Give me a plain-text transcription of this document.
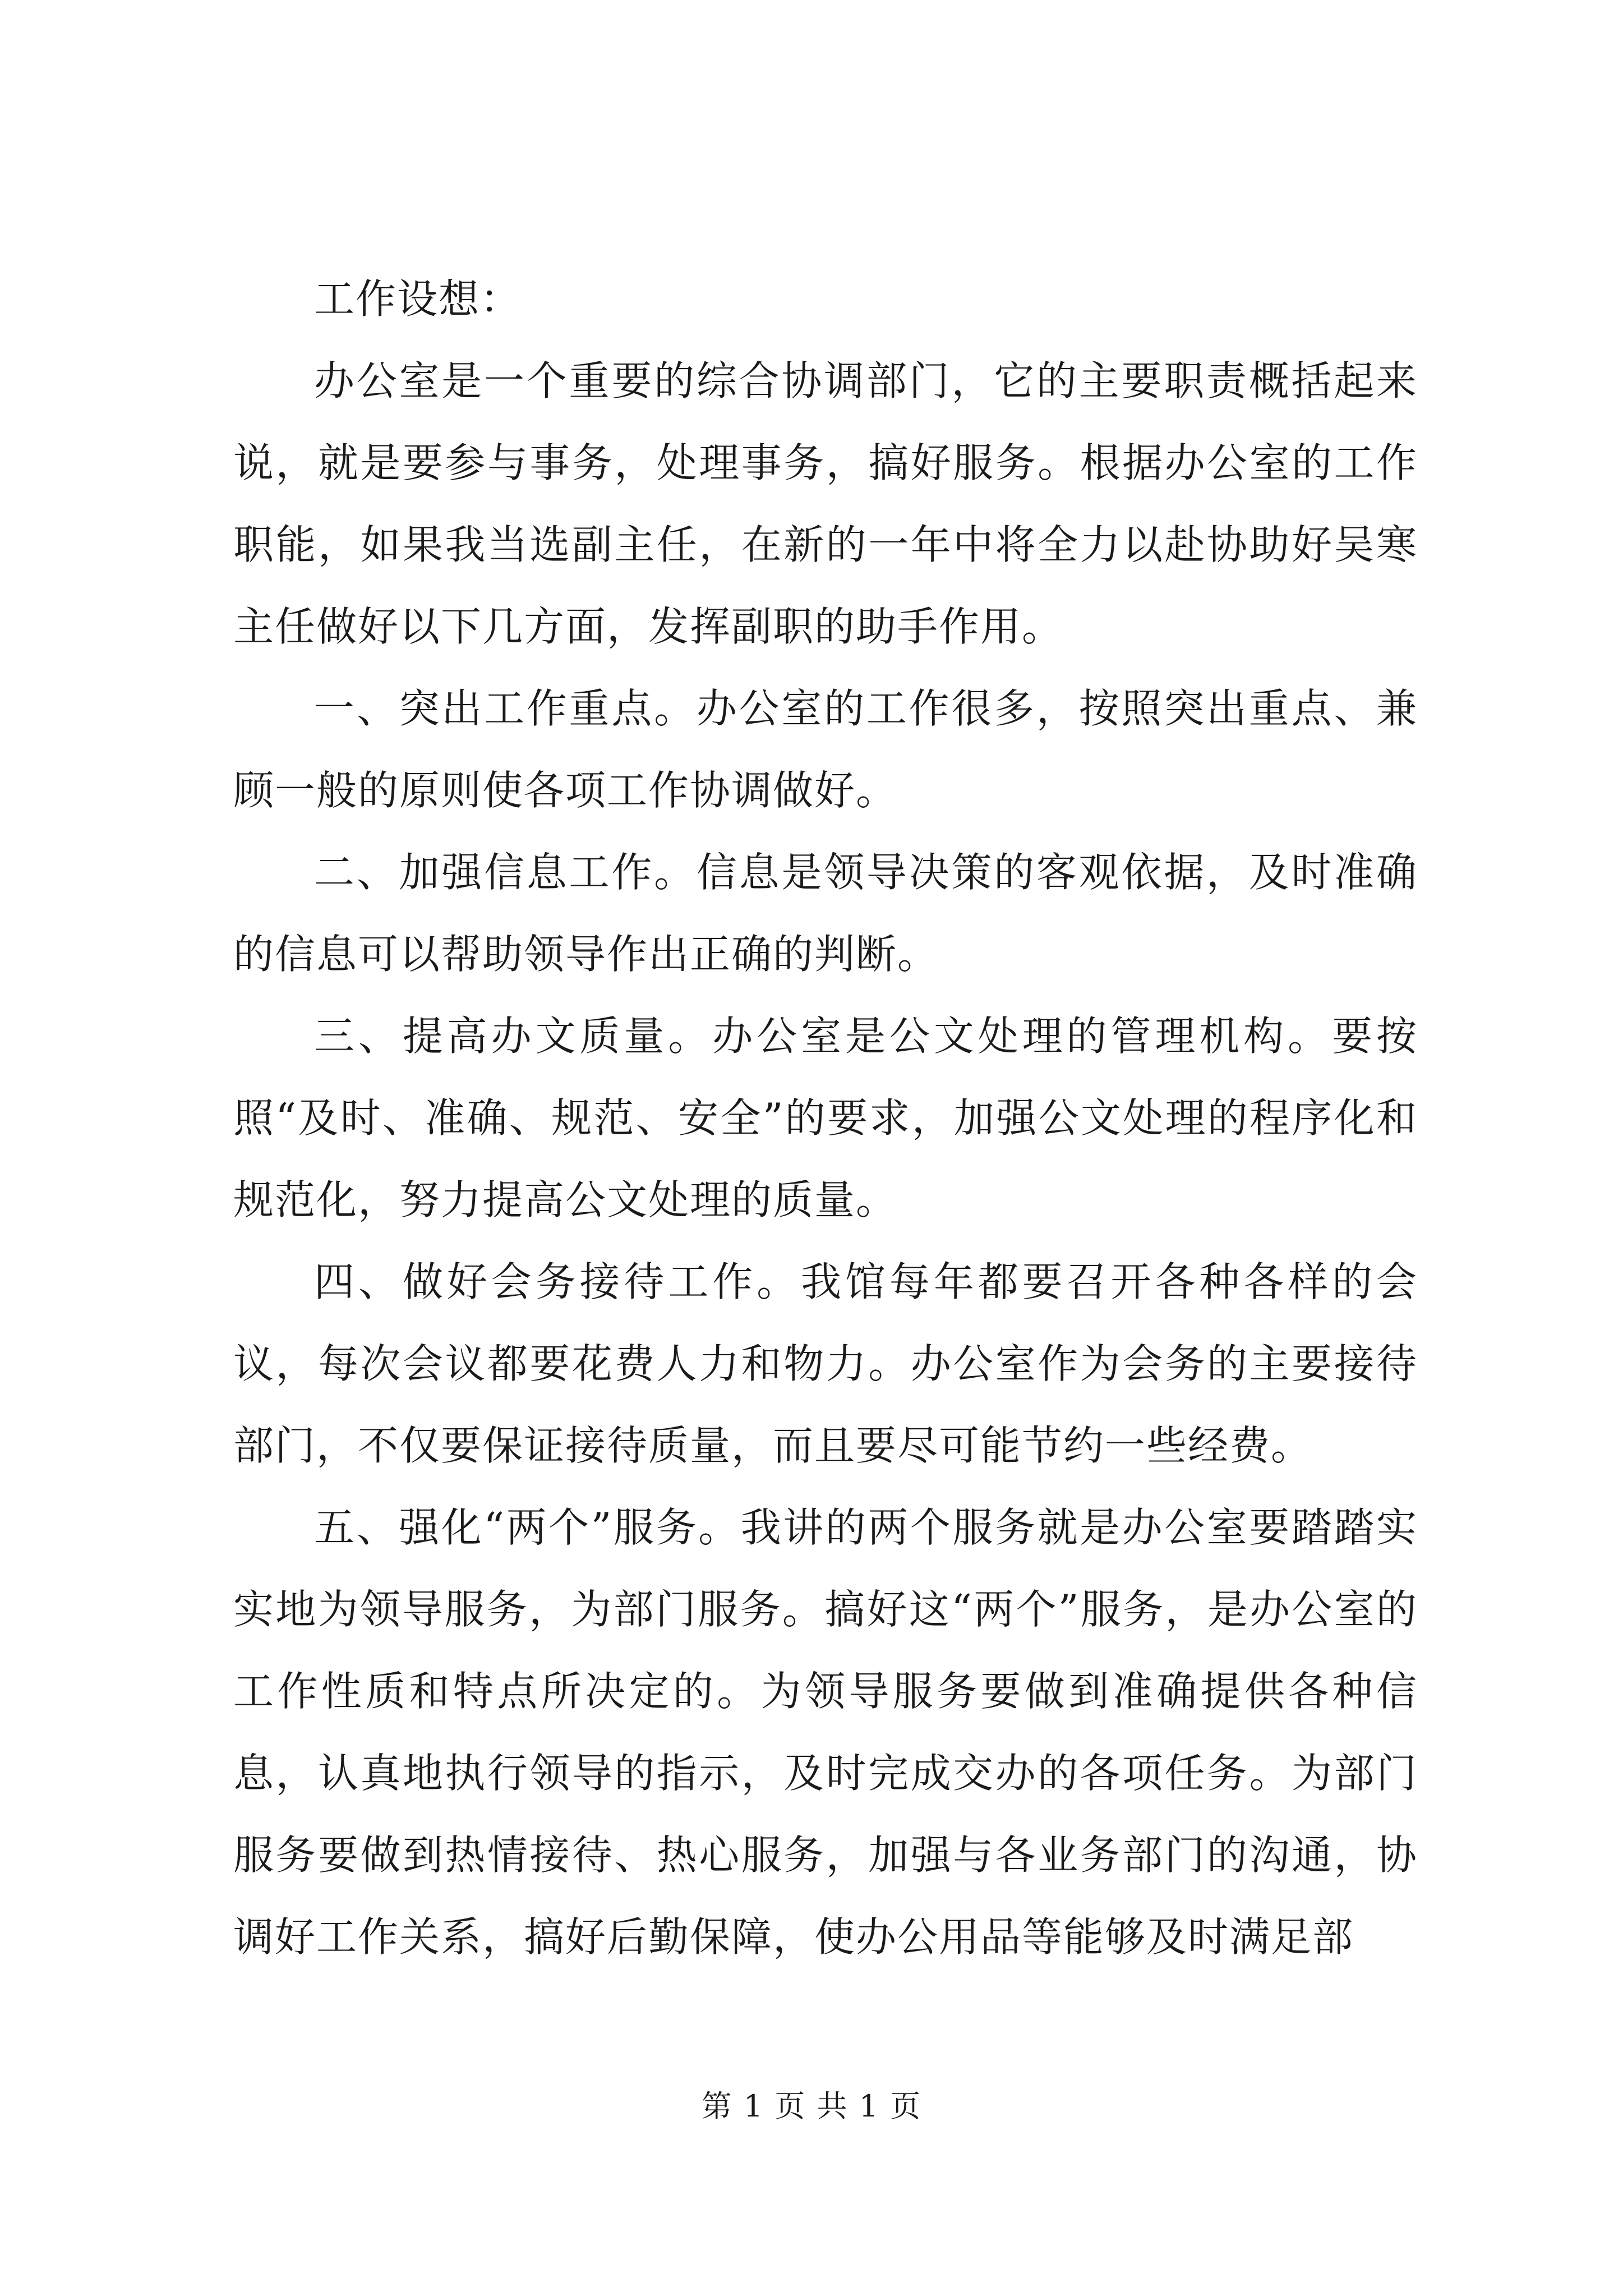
工作设想：

办公室是一个重要的综合协调部门，它的主要职责概括起来说，就是要参与事务，处理事务，搞好服务。根据办公室的工作职能，如果我当选副主任，在新的一年中将全力以赴协助好吴寒主任做好以下几方面，发挥副职的助手作用。

一、突出工作重点。办公室的工作很多，按照突出重点、兼顾一般的原则使各项工作协调做好。

二、加强信息工作。信息是领导决策的客观依据，及时准确的信息可以帮助领导作出正确的判断。

三、提高办文质量。办公室是公文处理的管理机构。要按照“及时、准确、规范、安全”的要求，加强公文处理的程序化和规范化，努力提高公文处理的质量。

四、做好会务接待工作。我馆每年都要召开各种各样的会议，每次会议都要花费人力和物力。办公室作为会务的主要接待部门，不仅要保证接待质量，而且要尽可能节约一些经费。

五、强化“两个”服务。我讲的两个服务就是办公室要踏踏实实地为领导服务，为部门服务。搞好这“两个”服务，是办公室的工作性质和特点所决定的。为领导服务要做到准确提供各种信息，认真地执行领导的指示，及时完成交办的各项任务。为部门服务要做到热情接待、热心服务，加强与各业务部门的沟通，协调好工作关系，搞好后勤保障，使办公用品等能够及时满足部

第 1 页 共 1 页
